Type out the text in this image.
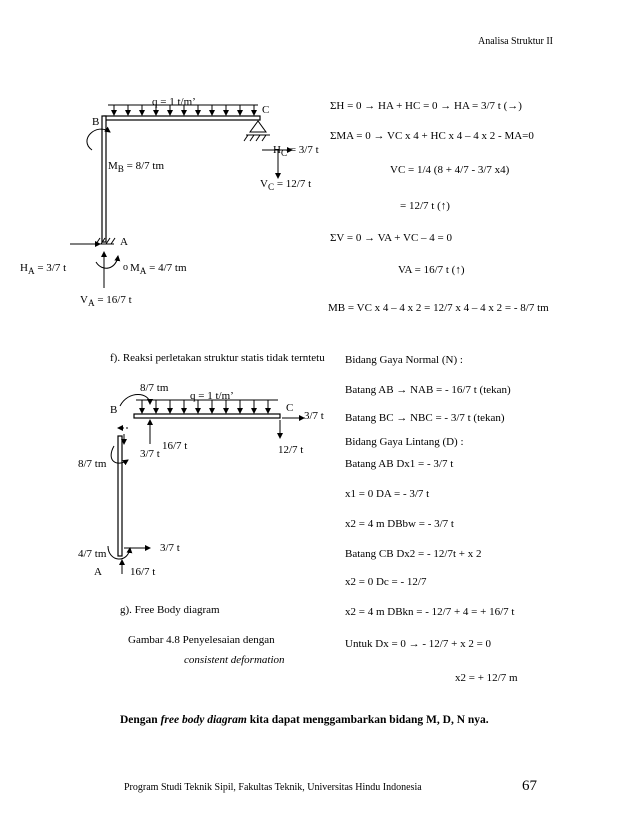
Analisa Struktur II
q = 1 t/m’
B
C
A
o
$H_C = 3/7$ t
$V_C = 12/7$ t
$M_B = 8/7$ tm
$H_A = 3/7$ t	$M_A = 4/7$ tm
$V_A = 16/7$ t
ΣH = 0 → HA + HC = 0 → HA = 3/7 t (→)
ΣMA = 0 → VC x 4 + HC x 4 – 4 x 2 - MA=0
VC = 1/4 (8 + 4/7 - 3/7 x4)
= 12/7 t (↑)
ΣV = 0 → VA + VC – 4 = 0
VA = 16/7 t (↑)
MB = VC x 4 – 4 x 2 = 12/7 x 4 – 4 x 2 = - 8/7 tm
f). Reaksi perletakan struktur statis tidak terntetu Bidang Gaya Normal (N) :
Batang AB → NAB = - 16/7 t (tekan)
Batang BC → NBC = - 3/7 t (tekan)
Bidang Gaya Lintang (D) :
Batang AB Dx1 = - 3/7 t
x1 = 0 DA = - 3/7 t
x2 = 4 m DBbw = - 3/7 t
Batang CB Dx2 = - 12/7t + x 2
x2 = 0 Dc = - 12/7
x2 = 4 m DBkn = - 12/7 + 4 = + 16/7 t
Untuk Dx = 0 → - 12/7 + x 2 = 0
x2 = + 12/7 m
q = 1 t/m’
B	C
A
8/7 tm
3/7 t
12/7 t
3/7 t
16/7 t
8/7 tm
4/7 tm	3/7 t
16/7 t
g). Free Body diagram
Gambar 4.8 Penyelesaian dengan
consistent deformation
Dengan free body diagram kita dapat menggambarkan bidang M, D, N nya.
Program Studi Teknik Sipil, Fakultas Teknik, Universitas Hindu Indonesia	67
